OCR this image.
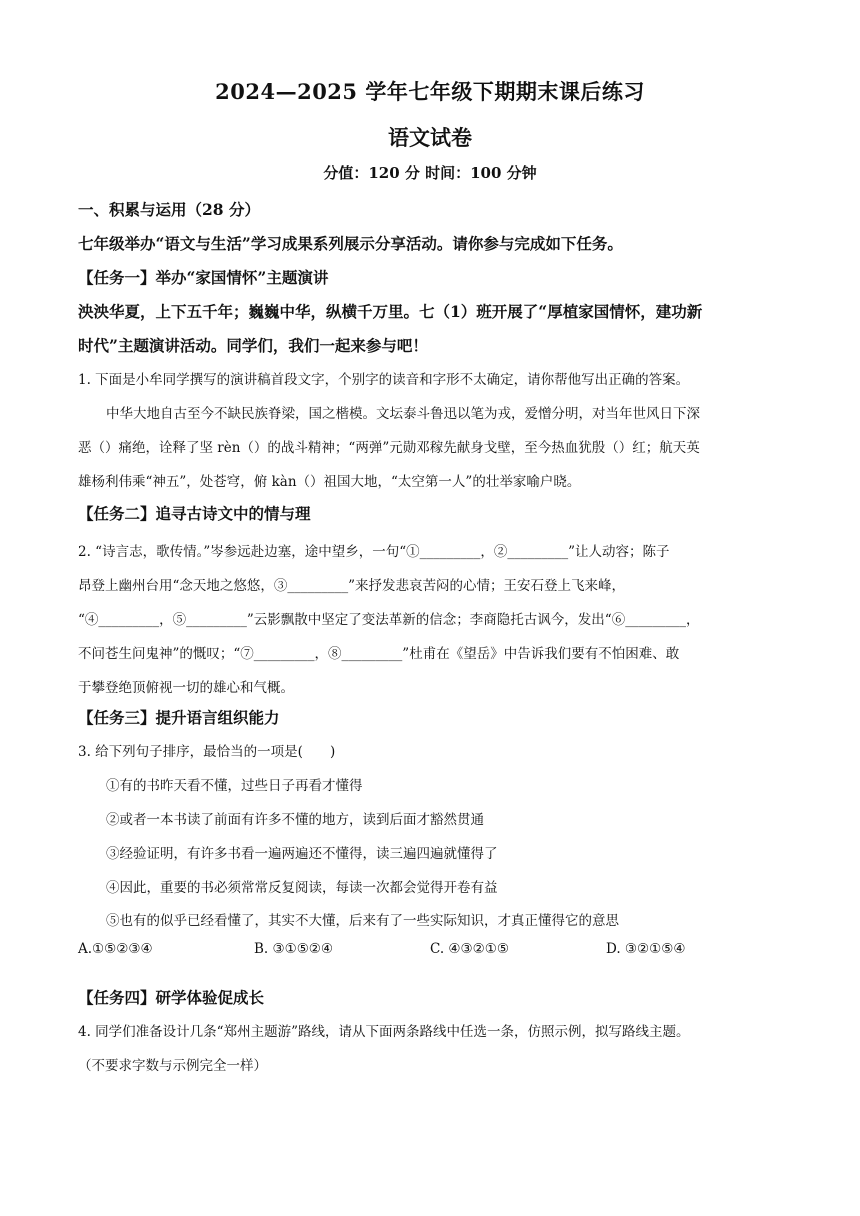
2024—2025 学年七年级下期期末课后练习
语文试卷
分值：120 分 时间：100 分钟
一、积累与运用（28 分）
七年级举办“语文与生活”学习成果系列展示分享活动。请你参与完成如下任务。
【任务一】举办“家国情怀”主题演讲
泱泱华夏，上下五千年；巍巍中华，纵横千万里。七（1）班开展了“厚植家国情怀，建功新
时代”主题演讲活动。同学们，我们一起来参与吧！
1. 下面是小牟同学撰写的演讲稿首段文字，个别字的读音和字形不太确定，请你帮他写出正确的答案。
中华大地自古至今不缺民族脊梁，国之楷模。文坛泰斗鲁迅以笔为戎，爱憎分明，对当年世风日下深
恶（）痛绝，诠释了坚 rèn（）的战斗精神；“两弹”元勋邓稼先献身戈壁，至今热血犹殷（）红；航天英
雄杨利伟乘“神五”，处苍穹，俯 kàn（）祖国大地，“太空第一人”的壮举家喻户晓。
【任务二】追寻古诗文中的情与理
2. “诗言志，歌传情。”岑参远赴边塞，途中望乡，一句“①_________，②_________”让人动容；陈子
昂登上幽州台用“念天地之悠悠，③_________”来抒发悲哀苦闷的心情；王安石登上飞来峰，
“④_________，⑤_________”云影飘散中坚定了变法革新的信念；李商隐托古讽今，发出“⑥_________，
不问苍生问鬼神”的慨叹；“⑦_________，⑧_________”杜甫在《望岳》中告诉我们要有不怕困难、敢
于攀登绝顶俯视一切的雄心和气概。
【任务三】提升语言组织能力
3. 给下列句子排序，最恰当的一项是(　　)
①有的书昨天看不懂，过些日子再看才懂得
②或者一本书读了前面有许多不懂的地方，读到后面才豁然贯通
③经验证明，有许多书看一遍两遍还不懂得，读三遍四遍就懂得了
④因此，重要的书必须常常反复阅读，每读一次都会觉得开卷有益
⑤也有的似乎已经看懂了，其实不大懂，后来有了一些实际知识，才真正懂得它的意思
A.①⑤②③④	B. ③①⑤②④	C. ④③②①⑤	D. ③②①⑤④
【任务四】研学体验促成长
4. 同学们准备设计几条“郑州主题游”路线，请从下面两条路线中任选一条，仿照示例，拟写路线主题。
（不要求字数与示例完全一样）
